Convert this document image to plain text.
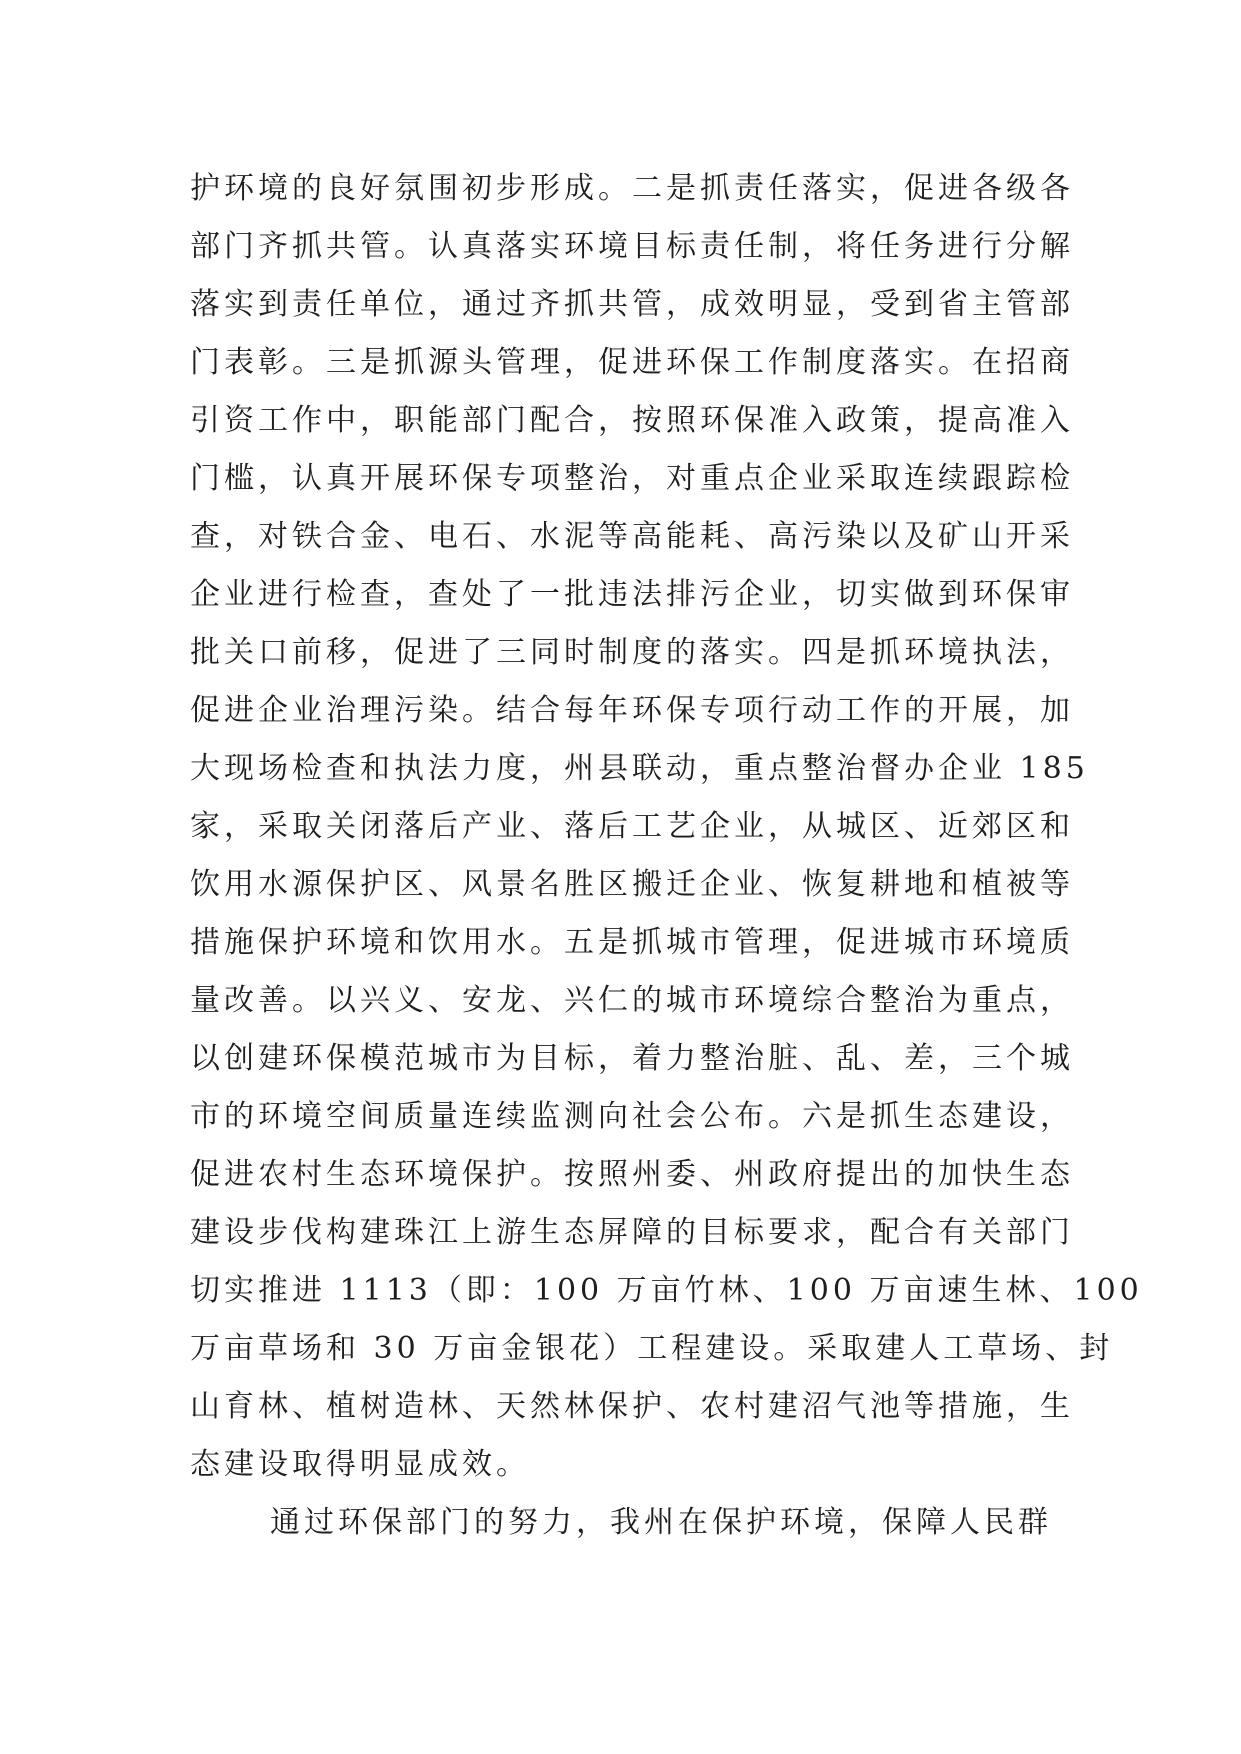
护环境的良好氛围初步形成。二是抓责任落实，促进各级各
部门齐抓共管。认真落实环境目标责任制，将任务进行分解
落实到责任单位，通过齐抓共管，成效明显，受到省主管部
门表彰。三是抓源头管理，促进环保工作制度落实。在招商
引资工作中，职能部门配合，按照环保准入政策，提高准入
门槛，认真开展环保专项整治，对重点企业采取连续跟踪检
查，对铁合金、电石、水泥等高能耗、高污染以及矿山开采
企业进行检查，查处了一批违法排污企业，切实做到环保审
批关口前移，促进了三同时制度的落实。四是抓环境执法，
促进企业治理污染。结合每年环保专项行动工作的开展，加
大现场检查和执法力度，州县联动，重点整治督办企业 185
家，采取关闭落后产业、落后工艺企业，从城区、近郊区和
饮用水源保护区、风景名胜区搬迁企业、恢复耕地和植被等
措施保护环境和饮用水。五是抓城市管理，促进城市环境质
量改善。以兴义、安龙、兴仁的城市环境综合整治为重点，
以创建环保模范城市为目标，着力整治脏、乱、差，三个城
市的环境空间质量连续监测向社会公布。六是抓生态建设，
促进农村生态环境保护。按照州委、州政府提出的加快生态
建设步伐构建珠江上游生态屏障的目标要求，配合有关部门
切实推进 1113（即：100 万亩竹林、100 万亩速生林、100
万亩草场和 30 万亩金银花）工程建设。采取建人工草场、封
山育林、植树造林、天然林保护、农村建沼气池等措施，生
态建设取得明显成效。
通过环保部门的努力，我州在保护环境，保障人民群
